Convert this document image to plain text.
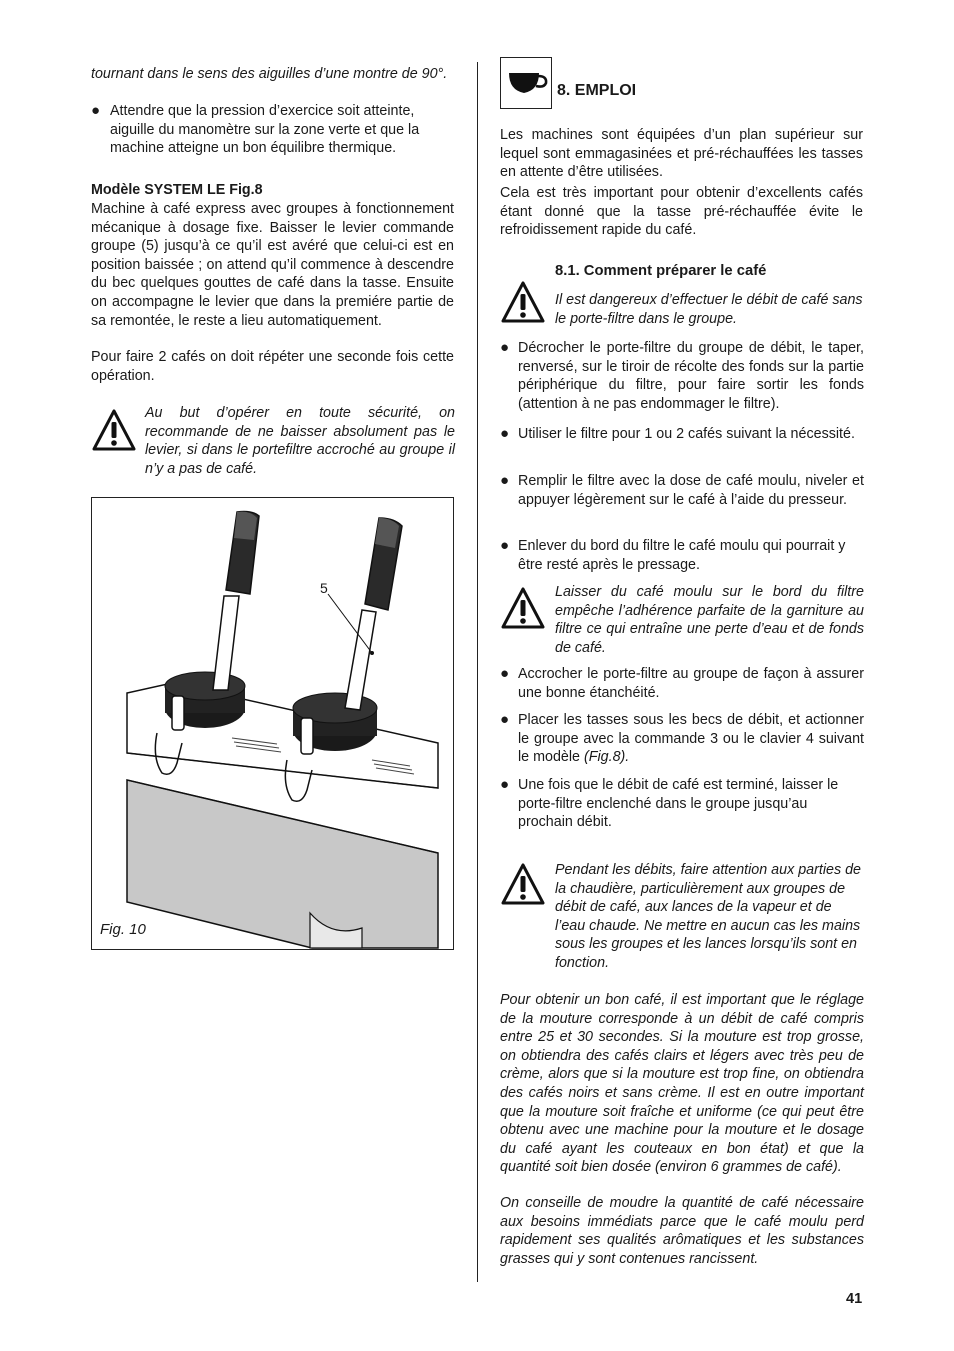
tournant dans le sens des aiguilles d’une montre de 90°.

● Attendre que la pression d’exercice soit atteinte, aiguille du manomètre sur la zone verte et que la machine atteigne un bon équilibre thermique.

Modèle SYSTEM LE Fig.8

Machine à café express avec groupes à fonctionnement mécanique à dosage fixe. Baisser le levier commande groupe (5) jusqu’à ce qu’il est avéré que celui-ci est en position baissée ; on attend qu’il commence à descendre du bec quelques gouttes de café dans la tasse. Ensuite on accompagne le levier que dans la premiére partie de sa remontée, le reste a lieu automatiquement.

Pour faire 2 cafés on doit répéter une seconde fois cette opération.

Au but d’opérer en toute sécurité, on recommande de ne baisser absolument pas le levier, si dans le portefiltre accroché au groupe il n’y a pas de café.

5
Fig. 10

8. EMPLOI

Les machines sont équipées d’un plan supérieur sur lequel sont emmagasinées et pré-réchauffées les tasses en attente d’être utilisées.

Cela est très important pour obtenir d’excellents cafés étant donné que la tasse pré-réchauffée évite le refroidissement rapide du café.

8.1. Comment préparer le café

Il est dangereux d’effectuer le débit de café sans le porte-filtre dans le groupe.

● Décrocher le porte-filtre du groupe de débit, le taper, renversé, sur le tiroir de récolte des fonds sur la partie périphérique du filtre, pour faire sortir les fonds (attention à ne pas endommager le filtre).

● Utiliser le filtre pour 1 ou 2 cafés suivant la nécessité.

● Remplir le filtre avec la dose de café moulu, niveler et appuyer légèrement sur le café à l’aide du presseur.

● Enlever du bord du filtre le café moulu qui pourrait y être resté après le pressage.

Laisser du café moulu sur le bord du filtre empêche l’adhérence parfaite de la garniture au filtre ce qui entraîne une perte d’eau et de fonds de café.

● Accrocher le porte-filtre au groupe de façon à assurer une bonne étanchéité.

● Placer les tasses sous les becs de débit, et actionner le groupe avec la commande 3 ou le clavier 4 suivant le modèle (Fig.8).

● Une fois que le débit de café est terminé, laisser le porte-filtre enclenché dans le groupe jusqu’au prochain débit.

Pendant les débits, faire attention aux parties de la chaudière, particulièrement aux groupes de débit de café, aux lances de la vapeur et de l’eau chaude. Ne mettre en aucun cas les mains sous les groupes et les lances lorsqu’ils sont en fonction.

Pour obtenir un bon café, il est important que le réglage de la mouture corresponde à un débit de café compris entre 25 et 30 secondes. Si la mouture est trop grosse, on obtiendra des cafés clairs et légers avec très peu de crème, alors que si la mouture est trop fine, on obtiendra des cafés noirs et sans crème. Il est en outre important que la mouture soit fraîche et uniforme (ce qui peut être obtenu avec une machine pour la mouture et le dosage du café ayant les couteaux en bon état) et que la quantité soit bien dosée (environ 6 grammes de café).

On conseille de moudre la quantité de café nécessaire aux besoins immédiats parce que le café moulu perd rapidement ses qualités arômatiques et les substances grasses qui y sont contenues rancissent.

41
